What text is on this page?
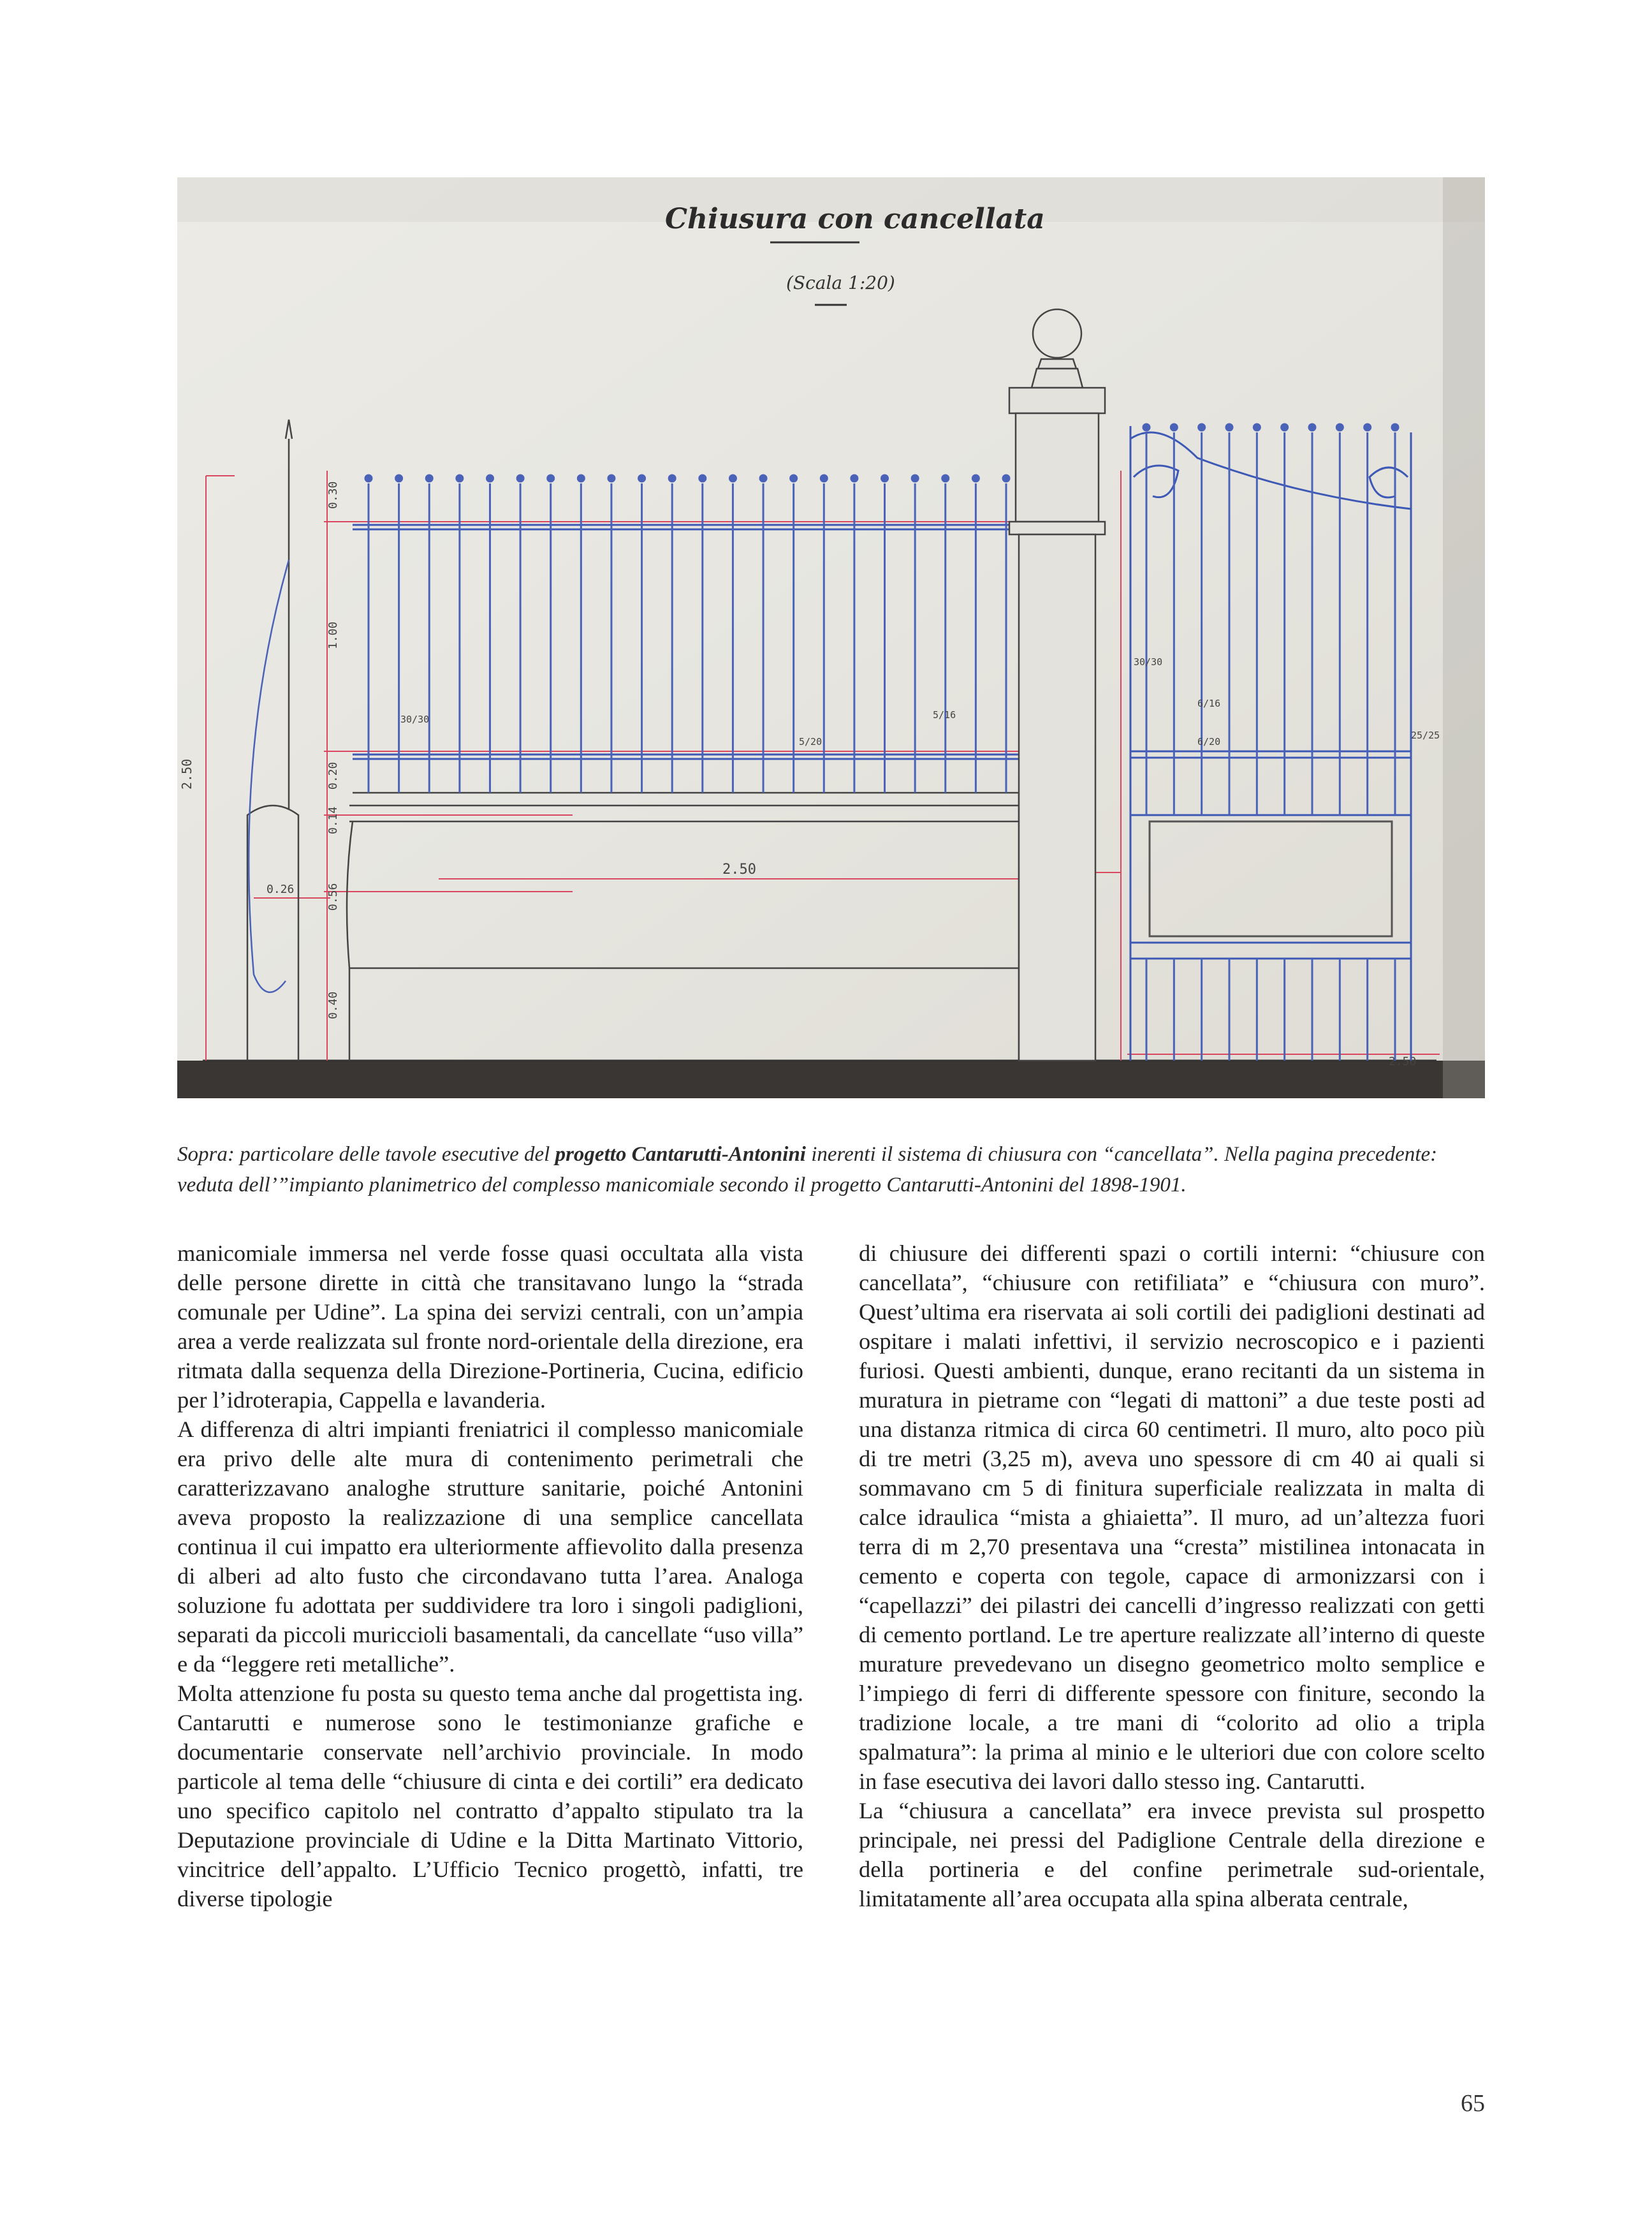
Chiusura con cancellata
(Scala 1:20)
2.50
0.30
1.00
0.20
0.14
0.56
0.40
0.26
2.50
2.50
30/30
5/20
5/16
30/30
6/16
6/20
25/25

Sopra: particolare delle tavole esecutive del progetto Cantarutti-Antonini inerenti il sistema di chiusura con “cancellata”. Nella pagina precedente: veduta dell’”impianto planimetrico del complesso manicomiale secondo il progetto Cantarutti-Antonini del 1898-1901.

manicomiale immersa nel verde fosse quasi occultata alla vista delle persone dirette in città che transitavano lungo la “strada comunale per Udine”. La spina dei servizi centrali, con un’ampia area a verde realizzata sul fronte nord-orientale della direzione, era ritmata dalla sequenza della Direzione-Portineria, Cucina, edificio per l’idroterapia, Cappella e lavanderia.

A differenza di altri impianti freniatrici il complesso manicomiale era privo delle alte mura di contenimento perimetrali che caratterizzavano analoghe strutture sanitarie, poiché Antonini aveva proposto la realizzazione di una semplice cancellata continua il cui impatto era ulteriormente affievolito dalla presenza di alberi ad alto fusto che circondavano tutta l’area. Analoga soluzione fu adottata per suddividere tra loro i singoli padiglioni, separati da piccoli muriccioli basamentali, da cancellate “uso villa” e da “leggere reti metalliche”.

Molta attenzione fu posta su questo tema anche dal progettista ing. Cantarutti e numerose sono le testimonianze grafiche e documentarie conservate nell’archivio provinciale. In modo particole al tema delle “chiusure di cinta e dei cortili” era dedicato uno specifico capitolo nel contratto d’appalto stipulato tra la Deputazione provinciale di Udine e la Ditta Martinato Vittorio, vincitrice dell’appalto. L’Ufficio Tecnico progettò, infatti, tre diverse tipologie

di chiusure dei differenti spazi o cortili interni: “chiusure con cancellata”, “chiusure con retifiliata” e “chiusura con muro”. Quest’ultima era riservata ai soli cortili dei padiglioni destinati ad ospitare i malati infettivi, il servizio necroscopico e i pazienti furiosi. Questi ambienti, dunque, erano recitanti da un sistema in muratura in pietrame con “legati di mattoni” a due teste posti ad una distanza ritmica di circa 60 centimetri. Il muro, alto poco più di tre metri (3,25 m), aveva uno spessore di cm 40 ai quali si sommavano cm 5 di finitura superficiale realizzata in malta di calce idraulica “mista a ghiaietta”. Il muro, ad un’altezza fuori terra di m 2,70 presentava una “cresta” mistilinea intonacata in cemento e coperta con tegole, capace di armonizzarsi con i “capellazzi” dei pilastri dei cancelli d’ingresso realizzati con getti di cemento portland. Le tre aperture realizzate all’interno di queste murature prevedevano un disegno geometrico molto semplice e l’impiego di ferri di differente spessore con finiture, secondo la tradizione locale, a tre mani di “colorito ad olio a tripla spalmatura”: la prima al minio e le ulteriori due con colore scelto in fase esecutiva dei lavori dallo stesso ing. Cantarutti.

La “chiusura a cancellata” era invece prevista sul prospetto principale, nei pressi del Padiglione Centrale della direzione e della portineria e del confine perimetrale sud-orientale, limitatamente all’area occupata alla spina alberata centrale,

65
